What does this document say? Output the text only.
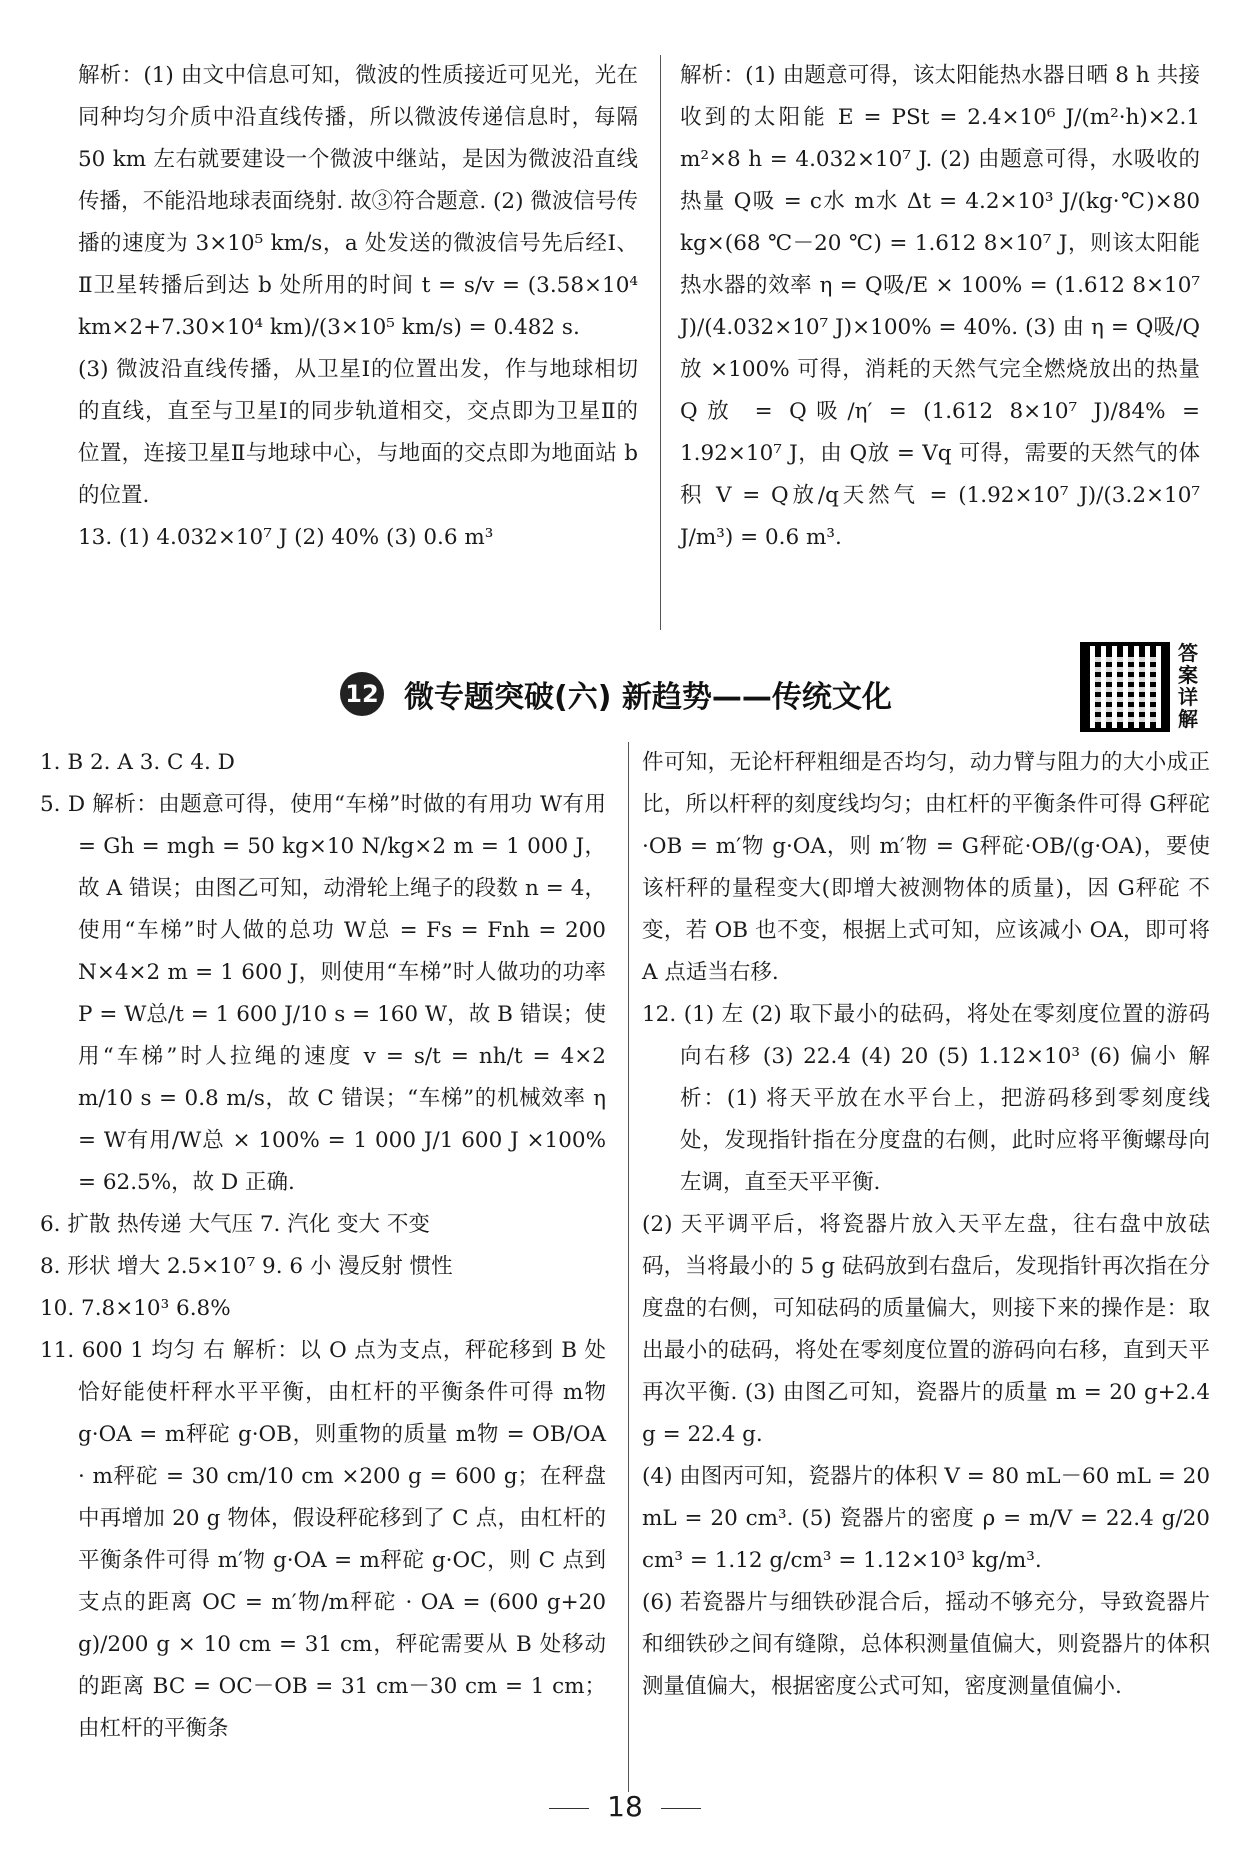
解析：(1) 由文中信息可知，微波的性质接近可见光，光在同种均匀介质中沿直线传播，所以微波传递信息时，每隔 50 km 左右就要建设一个微波中继站，是因为微波沿直线传播，不能沿地球表面绕射. 故③符合题意. (2) 微波信号传播的速度为 3×10⁵ km/s，a 处发送的微波信号先后经Ⅰ、Ⅱ卫星转播后到达 b 处所用的时间 t = s/v = (3.58×10⁴ km×2+7.30×10⁴ km)/(3×10⁵ km/s) = 0.482 s.

(3) 微波沿直线传播，从卫星Ⅰ的位置出发，作与地球相切的直线，直至与卫星Ⅰ的同步轨道相交，交点即为卫星Ⅱ的位置，连接卫星Ⅱ与地球中心，与地面的交点即为地面站 b 的位置.

13. (1) 4.032×10⁷ J (2) 40% (3) 0.6 m³

解析：(1) 由题意可得，该太阳能热水器日晒 8 h 共接收到的太阳能 E = PSt = 2.4×10⁶ J/(m²·h)×2.1 m²×8 h = 4.032×10⁷ J. (2) 由题意可得，水吸收的热量 Q吸 = c水 m水 Δt = 4.2×10³ J/(kg·℃)×80 kg×(68 ℃－20 ℃) = 1.612 8×10⁷ J，则该太阳能热水器的效率 η = Q吸/E × 100% = (1.612 8×10⁷ J)/(4.032×10⁷ J)×100% = 40%. (3) 由 η = Q吸/Q放 ×100% 可得，消耗的天然气完全燃烧放出的热量 Q放 = Q吸/η′ = (1.612 8×10⁷ J)/84% = 1.92×10⁷ J，由 Q放 = Vq 可得，需要的天然气的体积 V = Q放/q天然气 = (1.92×10⁷ J)/(3.2×10⁷ J/m³) = 0.6 m³.

12 微专题突破(六) 新趋势——传统文化
答案详解

1. B 2. A 3. C 4. D

5. D 解析：由题意可得，使用“车梯”时做的有用功 W有用 = Gh = mgh = 50 kg×10 N/kg×2 m = 1 000 J，故 A 错误；由图乙可知，动滑轮上绳子的段数 n = 4，使用“车梯”时人做的总功 W总 = Fs = Fnh = 200 N×4×2 m = 1 600 J，则使用“车梯”时人做功的功率 P = W总/t = 1 600 J/10 s = 160 W，故 B 错误；使用“车梯”时人拉绳的速度 v = s/t = nh/t = 4×2 m/10 s = 0.8 m/s，故 C 错误；“车梯”的机械效率 η = W有用/W总 × 100% = 1 000 J/1 600 J ×100% = 62.5%，故 D 正确.

6. 扩散 热传递 大气压 7. 汽化 变大 不变

8. 形状 增大 2.5×10⁷ 9. 6 小 漫反射 惯性

10. 7.8×10³ 6.8%

11. 600 1 均匀 右 解析：以 O 点为支点，秤砣移到 B 处恰好能使杆秤水平平衡，由杠杆的平衡条件可得 m物 g·OA = m秤砣 g·OB，则重物的质量 m物 = OB/OA · m秤砣 = 30 cm/10 cm ×200 g = 600 g；在秤盘中再增加 20 g 物体，假设秤砣移到了 C 点，由杠杆的平衡条件可得 m′物 g·OA = m秤砣 g·OC，则 C 点到支点的距离 OC = m′物/m秤砣 · OA = (600 g+20 g)/200 g × 10 cm = 31 cm，秤砣需要从 B 处移动的距离 BC = OC－OB = 31 cm－30 cm = 1 cm；由杠杆的平衡条

件可知，无论杆秤粗细是否均匀，动力臂与阻力的大小成正比，所以杆秤的刻度线均匀；由杠杆的平衡条件可得 G秤砣·OB = m′物 g·OA，则 m′物 = G秤砣·OB/(g·OA)，要使该杆秤的量程变大(即增大被测物体的质量)，因 G秤砣 不变，若 OB 也不变，根据上式可知，应该减小 OA，即可将 A 点适当右移.

12. (1) 左 (2) 取下最小的砝码，将处在零刻度位置的游码向右移 (3) 22.4 (4) 20 (5) 1.12×10³ (6) 偏小 解析：(1) 将天平放在水平台上，把游码移到零刻度线处，发现指针指在分度盘的右侧，此时应将平衡螺母向左调，直至天平平衡.

(2) 天平调平后，将瓷器片放入天平左盘，往右盘中放砝码，当将最小的 5 g 砝码放到右盘后，发现指针再次指在分度盘的右侧，可知砝码的质量偏大，则接下来的操作是：取出最小的砝码，将处在零刻度位置的游码向右移，直到天平再次平衡. (3) 由图乙可知，瓷器片的质量 m = 20 g+2.4 g = 22.4 g.

(4) 由图丙可知，瓷器片的体积 V = 80 mL－60 mL = 20 mL = 20 cm³. (5) 瓷器片的密度 ρ = m/V = 22.4 g/20 cm³ = 1.12 g/cm³ = 1.12×10³ kg/m³.

(6) 若瓷器片与细铁砂混合后，摇动不够充分，导致瓷器片和细铁砂之间有缝隙，总体积测量值偏大，则瓷器片的体积测量值偏大，根据密度公式可知，密度测量值偏小.

18
